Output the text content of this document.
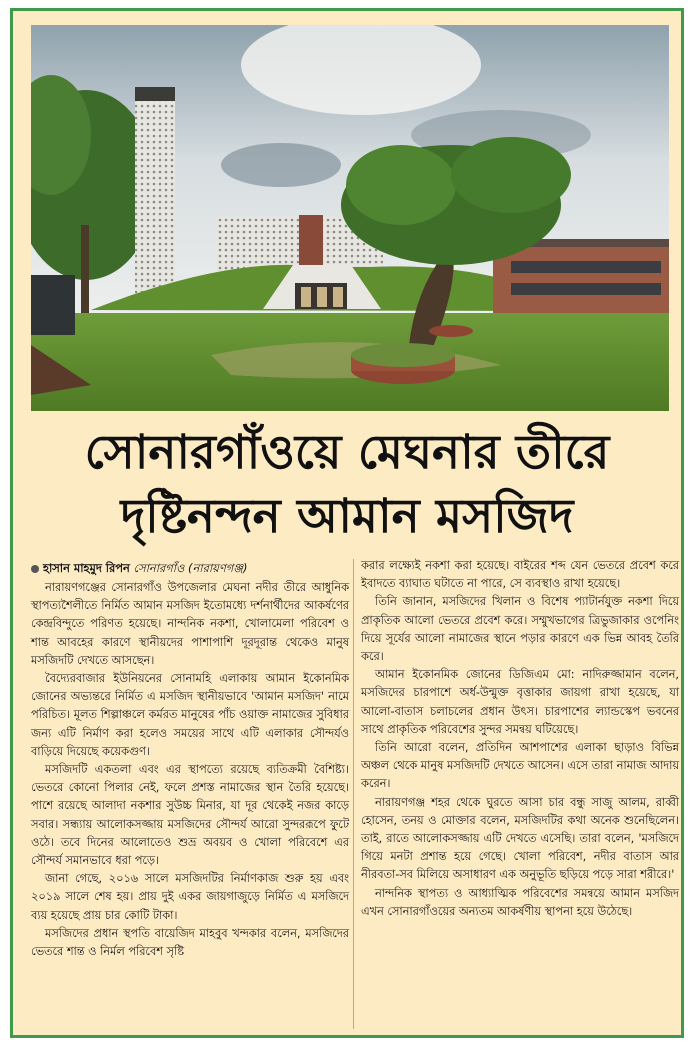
সোনারগাঁওয়ে মেঘনার তীরে
দৃষ্টিনন্দন আমান মসজিদ
হাসান মাহমুদ রিপন সোনারগাঁও (নারায়ণগঞ্জ)

নারায়ণগঞ্জের সোনারগাঁও উপজেলার মেঘনা নদীর তীরে আধুনিক স্থাপত্যশৈলীতে নির্মিত আমান মসজিদ ইতোমধ্যে দর্শনার্থীদের আকর্ষণের কেন্দ্রবিন্দুতে পরিণত হয়েছে। নান্দনিক নকশা, খোলামেলা পরিবেশ ও শান্ত আবহের কারণে স্থানীয়দের পাশাপাশি দূরদূরান্ত থেকেও মানুষ মসজিদটি দেখতে আসছেন।

বৈদ্যেরবাজার ইউনিয়নের সোনামহি এলাকায় আমান ইকোনমিক জোনের অভ্যন্তরে নির্মিত এ মসজিদ স্থানীয়ভাবে 'আমান মসজিদ' নামে পরিচিত। মূলত শিল্পাঞ্চলে কর্মরত মানুষের পাঁচ ওয়াক্ত নামাজের সুবিধার জন্য এটি নির্মাণ করা হলেও সময়ের সাথে এটি এলাকার সৌন্দর্যও বাড়িয়ে দিয়েছে কয়েকগুণ।

মসজিদটি একতলা এবং এর স্থাপত্যে রয়েছে ব্যতিক্রমী বৈশিষ্ট্য। ভেতরে কোনো পিলার নেই, ফলে প্রশস্ত নামাজের স্থান তৈরি হয়েছে। পাশে রয়েছে আলাদা নকশার সুউচ্চ মিনার, যা দূর থেকেই নজর কাড়ে সবার। সন্ধ্যায় আলোকসজ্জায় মসজিদের সৌন্দর্য আরো সুন্দররূপে ফুটে ওঠে। তবে দিনের আলোতেও শুভ্র অবয়ব ও খোলা পরিবেশে এর সৌন্দর্য সমানভাবে ধরা পড়ে।

জানা গেছে, ২০১৬ সালে মসজিদটির নির্মাণকাজ শুরু হয় এবং ২০১৯ সালে শেষ হয়। প্রায় দুই একর জায়গাজুড়ে নির্মিত এ মসজিদে ব্যয় হয়েছে প্রায় চার কোটি টাকা।

মসজিদের প্রধান স্থপতি বায়েজিদ মাহবুব খন্দকার বলেন, মসজিদের ভেতরে শান্ত ও নির্মল পরিবেশ সৃষ্টি

করার লক্ষ্যেই নকশা করা হয়েছে। বাইরের শব্দ যেন ভেতরে প্রবেশ করে ইবাদতে ব্যাঘাত ঘটাতে না পারে, সে ব্যবস্থাও রাখা হয়েছে।

তিনি জানান, মসজিদের খিলান ও বিশেষ প্যাটার্নযুক্ত নকশা দিয়ে প্রাকৃতিক আলো ভেতরে প্রবেশ করে। সম্মুখভাগের ত্রিভুজাকার ওপেনিং দিয়ে সূর্যের আলো নামাজের স্থানে পড়ার কারণে এক ভিন্ন আবহ তৈরি করে।

আমান ইকোনমিক জোনের ডিজিএম মো: নাদিরুজ্জামান বলেন, মসজিদের চারপাশে অর্ধ-উন্মুক্ত বৃত্তাকার জায়গা রাখা হয়েছে, যা আলো-বাতাস চলাচলের প্রধান উৎস। চারপাশের ল্যান্ডস্কেপ ভবনের সাথে প্রাকৃতিক পরিবেশের সুন্দর সমন্বয় ঘটিয়েছে।

তিনি আরো বলেন, প্রতিদিন আশপাশের এলাকা ছাড়াও বিভিন্ন অঞ্চল থেকে মানুষ মসজিদটি দেখতে আসেন। এসে তারা নামাজ আদায় করেন।

নারায়ণগঞ্জ শহর থেকে ঘুরতে আসা চার বন্ধু সাজু আলম, রাব্বী হোসেন, তনয় ও মোক্তার বলেন, মসজিদটির কথা অনেক শুনেছিলেন। তাই, রাতে আলোকসজ্জায় এটি দেখতে এসেছি। তারা বলেন, 'মসজিদে গিয়ে মনটা প্রশান্ত হয়ে গেছে। খোলা পরিবেশ, নদীর বাতাস আর নীরবতা-সব মিলিয়ে অসাধারণ এক অনুভূতি ছড়িয়ে পড়ে সারা শরীরে।'

নান্দনিক স্থাপত্য ও আধ্যাত্মিক পরিবেশের সমন্বয়ে আমান মসজিদ এখন সোনারগাঁওয়ের অন্যতম আকর্ষণীয় স্থাপনা হয়ে উঠেছে।
